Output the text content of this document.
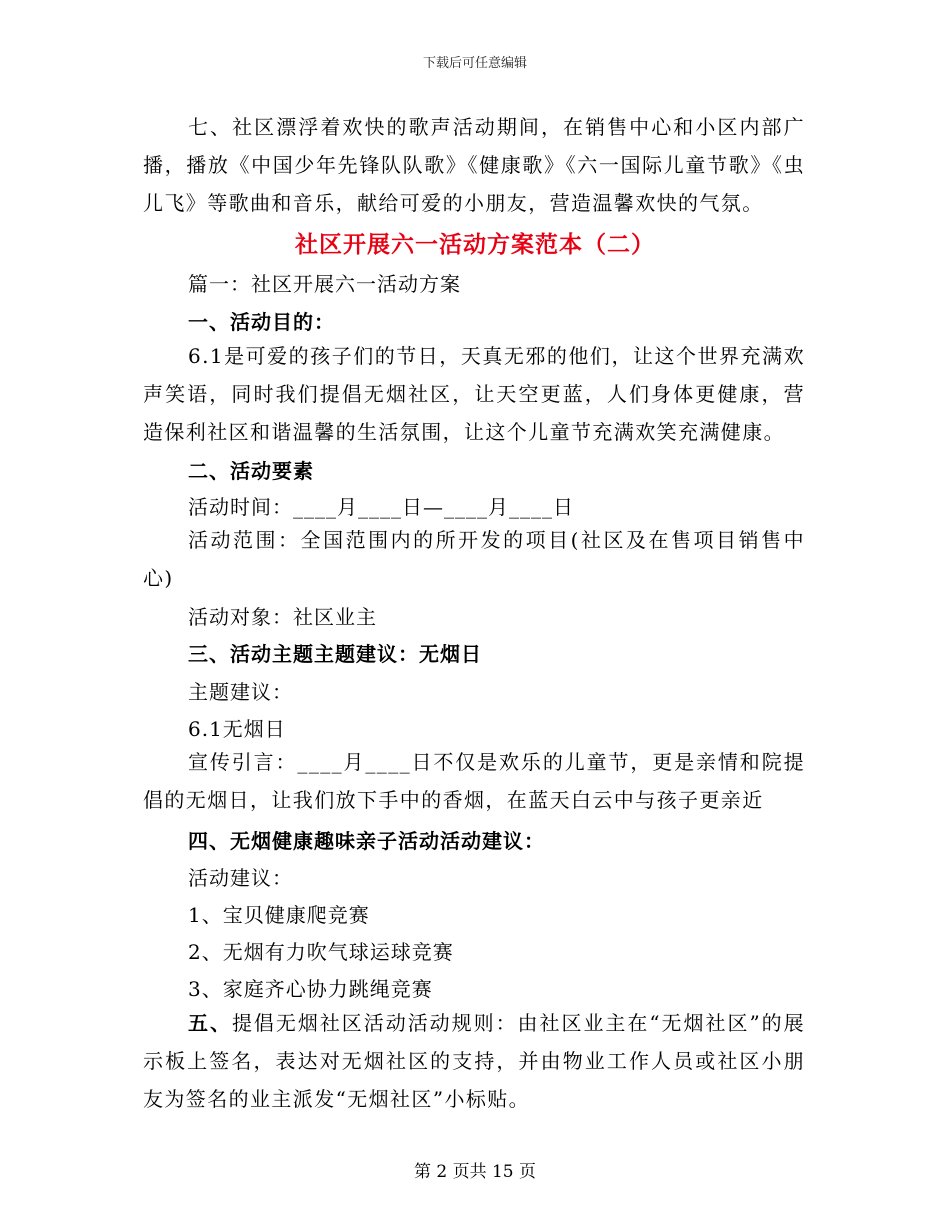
下载后可任意编辑
七、社区漂浮着欢快的歌声活动期间，在销售中心和小区内部广播，播放《中国少年先锋队队歌》《健康歌》《六一国际儿童节歌》《虫儿飞》等歌曲和音乐，献给可爱的小朋友，营造温馨欢快的气氛。
社区开展六一活动方案范本（二）
篇一：社区开展六一活动方案
一、活动目的：
6.1是可爱的孩子们的节日，天真无邪的他们，让这个世界充满欢声笑语，同时我们提倡无烟社区，让天空更蓝，人们身体更健康，营造保利社区和谐温馨的生活氛围，让这个儿童节充满欢笑充满健康。
二、活动要素
活动时间：____月____日—____月____日
活动范围：全国范围内的所开发的项目(社区及在售项目销售中心)
活动对象：社区业主
三、活动主题主题建议：无烟日
主题建议：
6.1无烟日
宣传引言：____月____日不仅是欢乐的儿童节，更是亲情和院提倡的无烟日，让我们放下手中的香烟，在蓝天白云中与孩子更亲近
四、无烟健康趣味亲子活动活动建议：
活动建议：
1、宝贝健康爬竞赛
2、无烟有力吹气球运球竞赛
3、家庭齐心协力跳绳竞赛
五、提倡无烟社区活动活动规则：由社区业主在“无烟社区”的展示板上签名，表达对无烟社区的支持，并由物业工作人员或社区小朋友为签名的业主派发“无烟社区”小标贴。
第 2 页共 15 页
